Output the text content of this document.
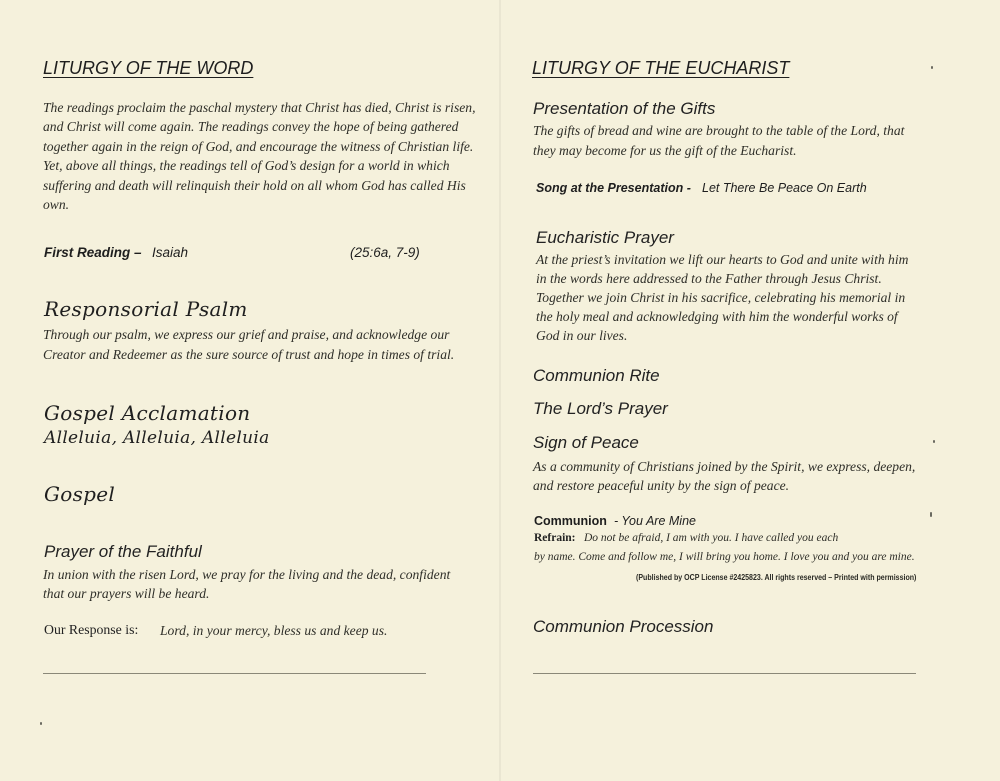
LITURGY OF THE WORD

The readings proclaim the paschal mystery that Christ has died, Christ is risen,

and Christ will come again. The readings convey the hope of being gathered

together again in the reign of God, and encourage the witness of Christian life.

Yet, above all things, the readings tell of God’s design for a world in which

suffering and death will relinquish their hold on all whom God has called His

own.

First Reading – Isaiah	(25:6a, 7-9)

Responsorial Psalm

Through our psalm, we express our grief and praise, and acknowledge our

Creator and Redeemer as the sure source of trust and hope in times of trial.

Gospel Acclamation

Alleluia, Alleluia, Alleluia

Gospel

Prayer of the Faithful

In union with the risen Lord, we pray for the living and the dead, confident

that our prayers will be heard.

Our Response is: Lord, in your mercy, bless us and keep us.

LITURGY OF THE EUCHARIST

Presentation of the Gifts

The gifts of bread and wine are brought to the table of the Lord, that

they may become for us the gift of the Eucharist.

Song at the Presentation - Let There Be Peace On Earth

Eucharistic Prayer

At the priest’s invitation we lift our hearts to God and unite with him

in the words here addressed to the Father through Jesus Christ.

Together we join Christ in his sacrifice, celebrating his memorial in

the holy meal and acknowledging with him the wonderful works of

God in our lives.

Communion Rite

The Lord’s Prayer

Sign of Peace

As a community of Christians joined by the Spirit, we express, deepen,

and restore peaceful unity by the sign of peace.

Communion - You Are Mine
Refrain: Do not be afraid, I am with you. I have called you each
by name. Come and follow me, I will bring you home. I love you and you are mine.

(Published by OCP License #2425823. All rights reserved – Printed with permission)

Communion Procession
